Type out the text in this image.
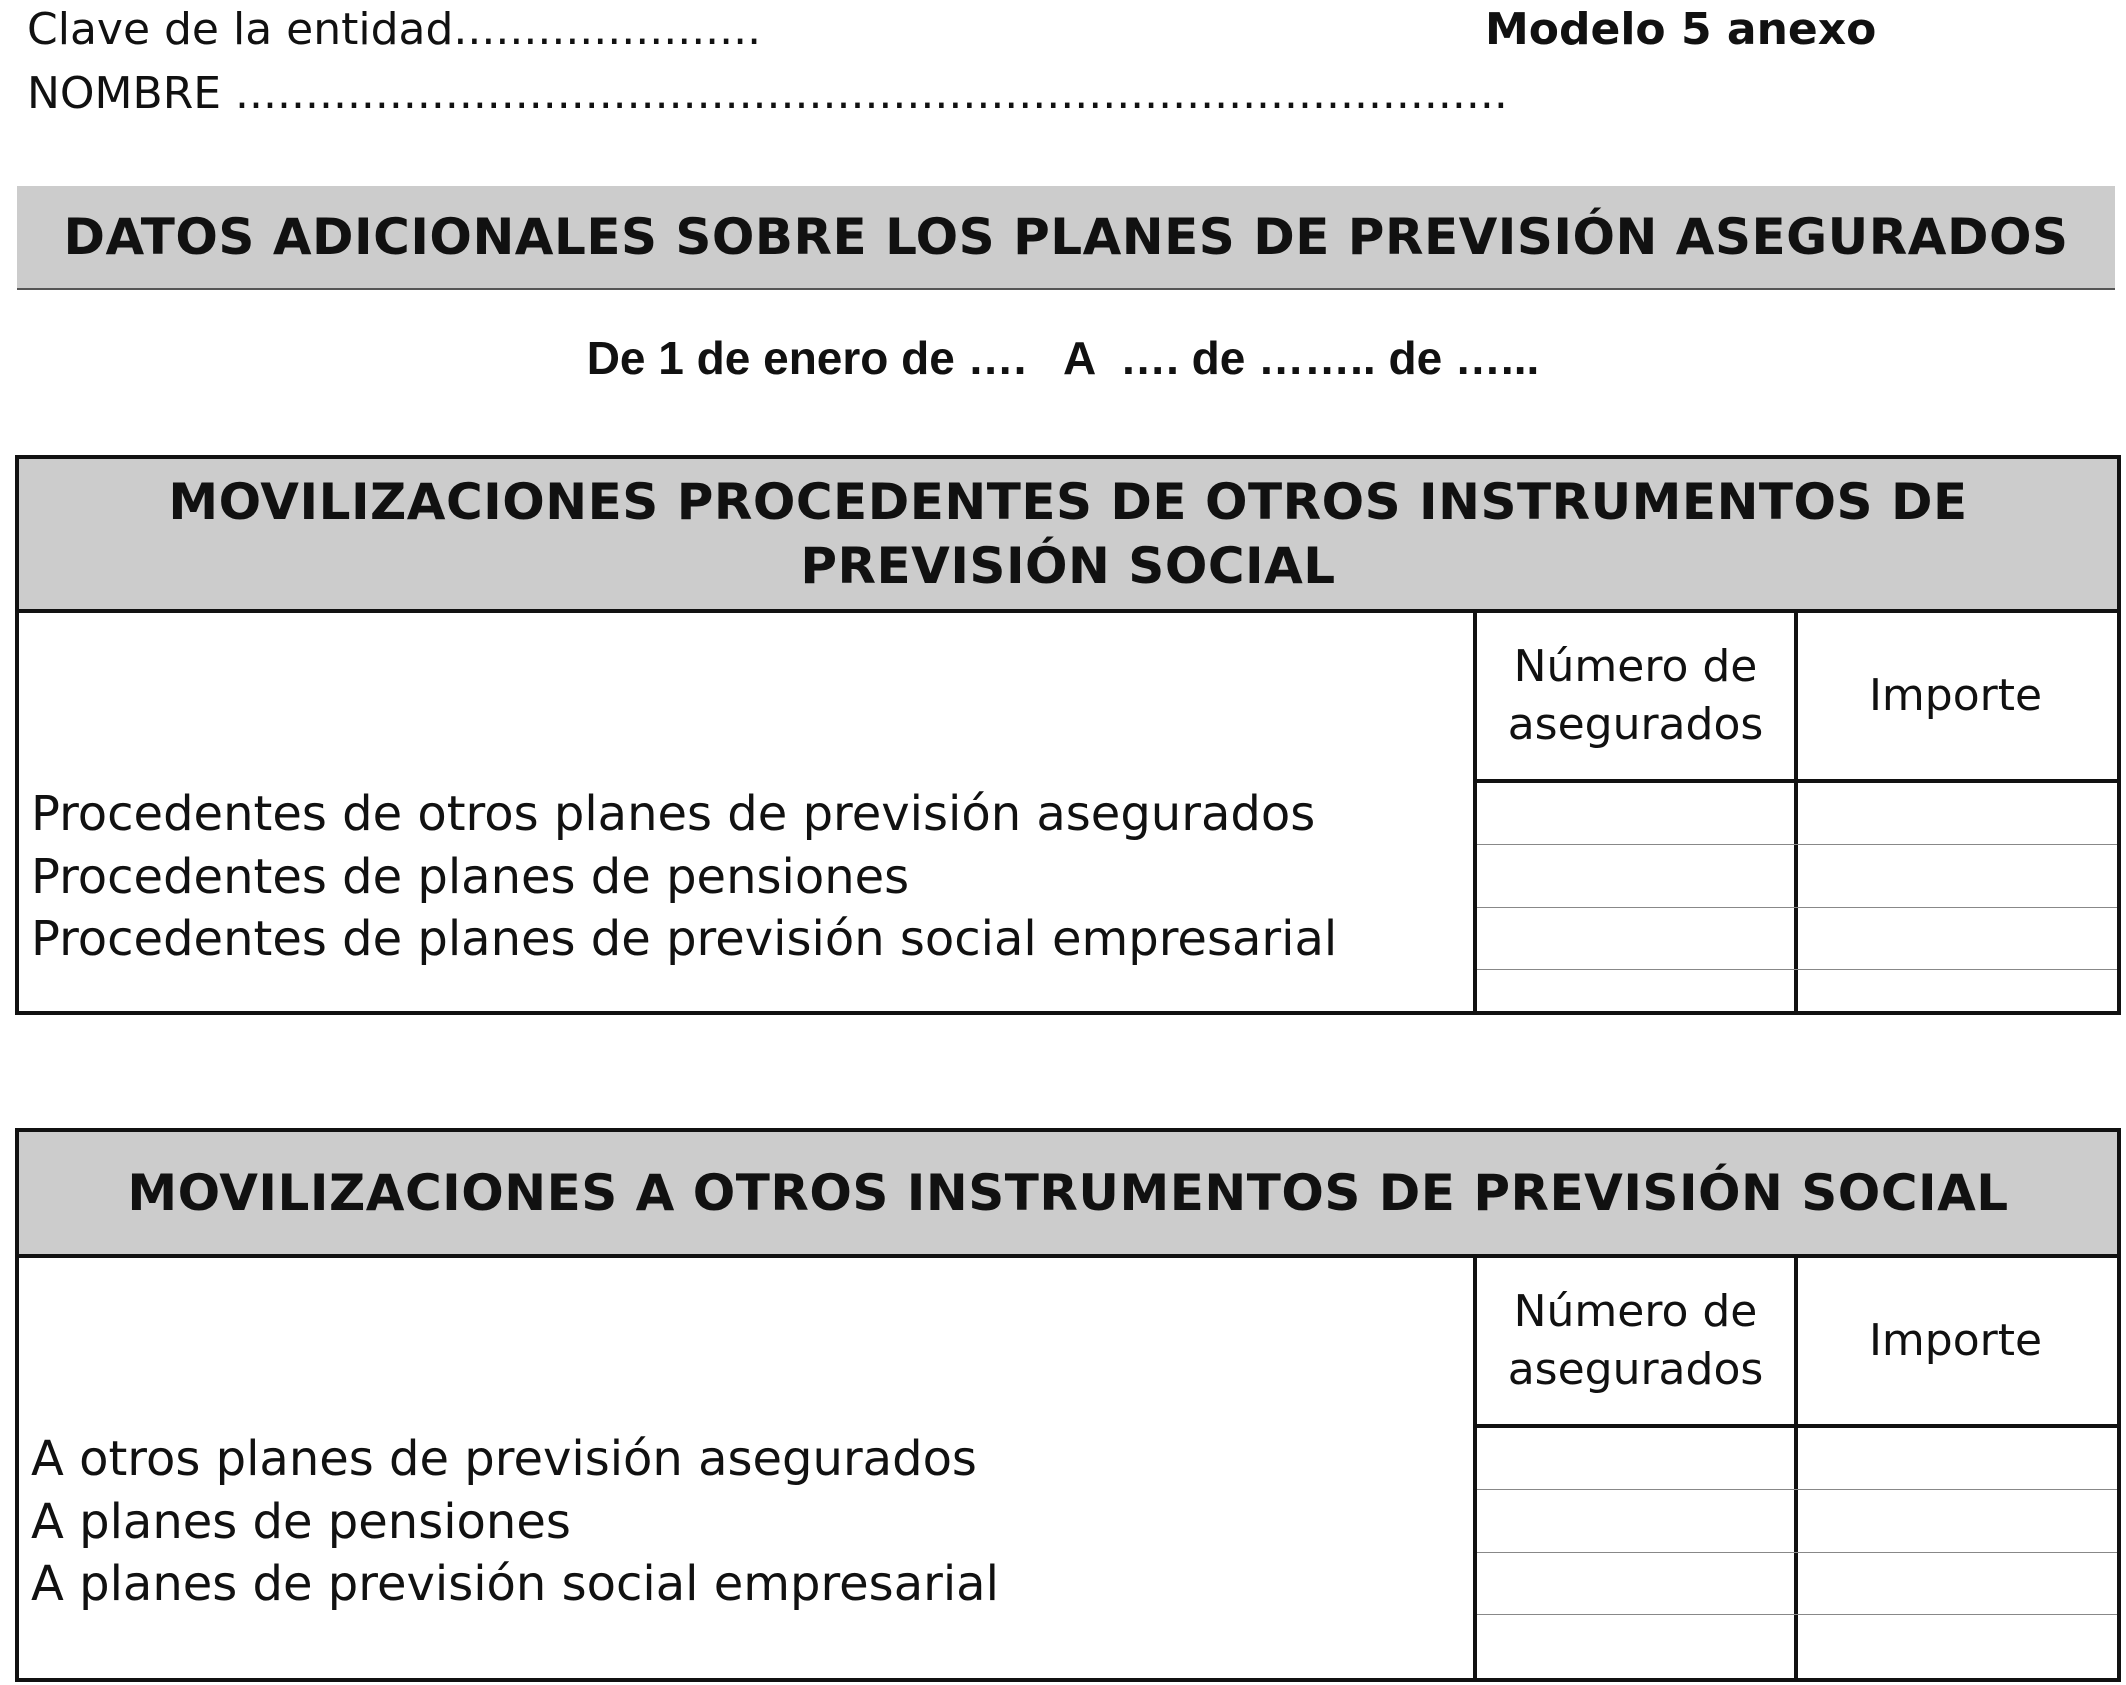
Clave de la entidad......................
NOMBRE ...........................................................................................
Modelo 5 anexo
DATOS ADICIONALES SOBRE LOS PLANES DE PREVISIÓN ASEGURADOS
De 1 de enero de ….   A  …. de …….. de …...
MOVILIZACIONES PROCEDENTES DE OTROS INSTRUMENTOS DE PREVISIÓN SOCIAL
Número de asegurados
Importe
Procedentes de otros planes de previsión asegurados
Procedentes de planes de pensiones
Procedentes de planes de previsión social empresarial
MOVILIZACIONES A OTROS INSTRUMENTOS DE PREVISIÓN SOCIAL
Número de asegurados
Importe
A otros planes de previsión asegurados
A planes de pensiones
A planes de previsión social empresarial
